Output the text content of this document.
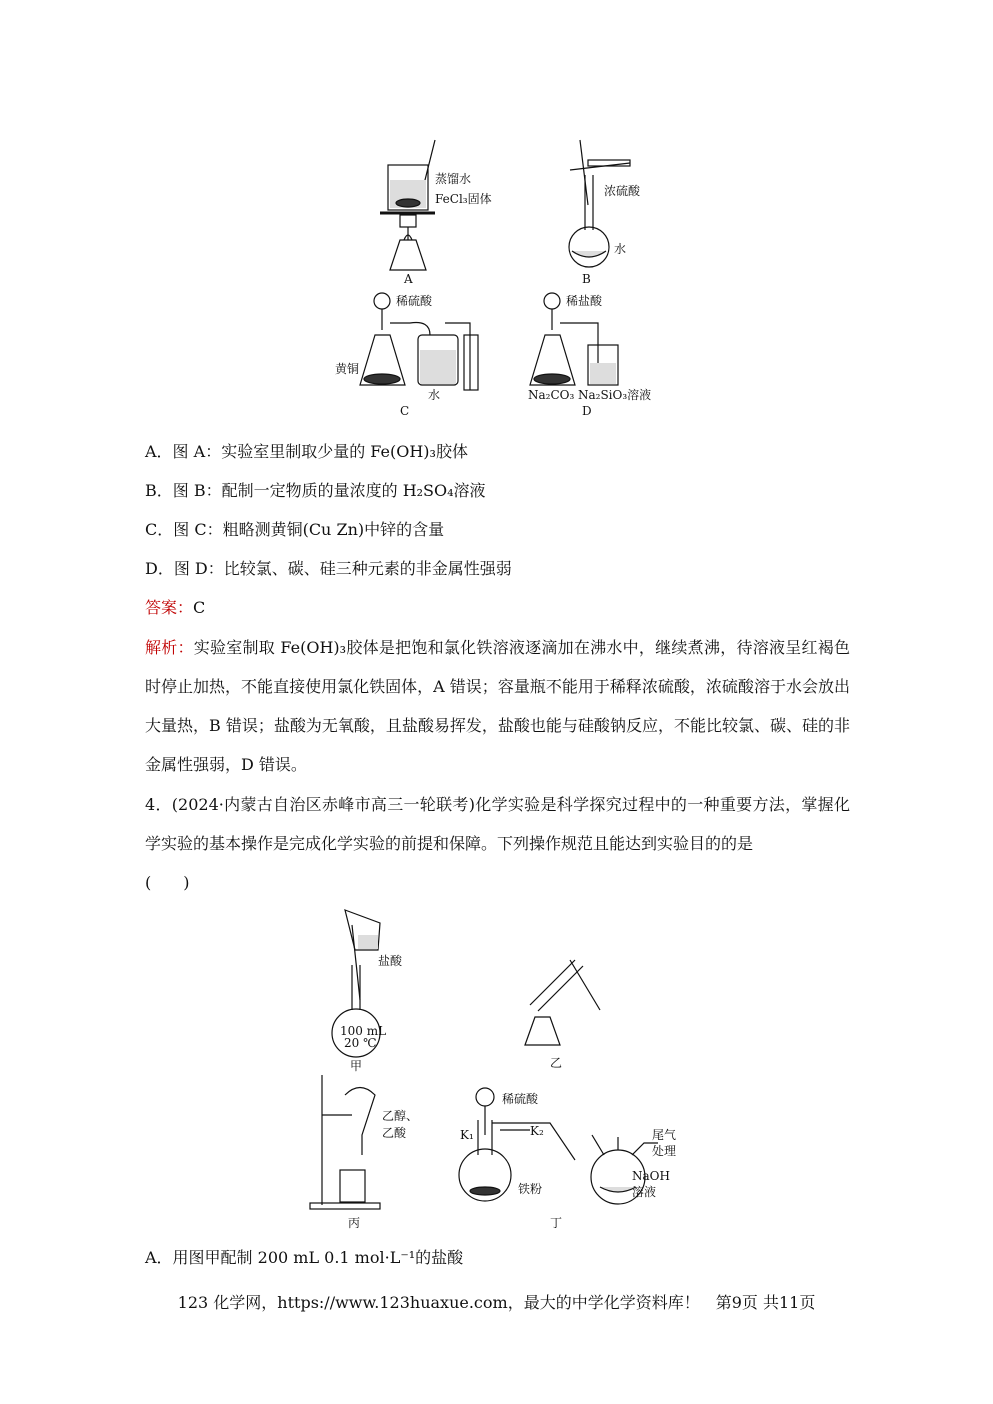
蒸馏水
FeCl₃固体
A
浓硫酸
水
B
稀硫酸
黄铜
水
C
稀盐酸
Na₂CO₃ Na₂SiO₃溶液
D
A．图 A：实验室里制取少量的 Fe(OH)₃胶体
B．图 B：配制一定物质的量浓度的 H₂SO₄溶液
C．图 C：粗略测黄铜(Cu Zn)中锌的含量
D．图 D：比较氯、碳、硅三种元素的非金属性强弱
答案：C
解析：实验室制取 Fe(OH)₃胶体是把饱和氯化铁溶液逐滴加在沸水中，继续煮沸，待溶液呈红褐色时停止加热，不能直接使用氯化铁固体，A 错误；容量瓶不能用于稀释浓硫酸，浓硫酸溶于水会放出大量热，B 错误；盐酸为无氧酸，且盐酸易挥发，盐酸也能与硅酸钠反应，不能比较氯、碳、硅的非金属性强弱，D 错误。
4．(2024·内蒙古自治区赤峰市高三一轮联考)化学实验是科学探究过程中的一种重要方法，掌握化学实验的基本操作是完成化学实验的前提和保障。下列操作规范且能达到实验目的的是
(　　)
盐酸
100 mL
20 ℃
甲	乙
乙醇、
乙酸
丙
稀硫酸
K₁	K₂
铁粉
尾气
处理
NaOH
溶液
丁
A．用图甲配制 200 mL 0.1 mol·L⁻¹的盐酸
123 化学网，https://www.123huaxue.com，最大的中学化学资料库！　第9页 共11页
